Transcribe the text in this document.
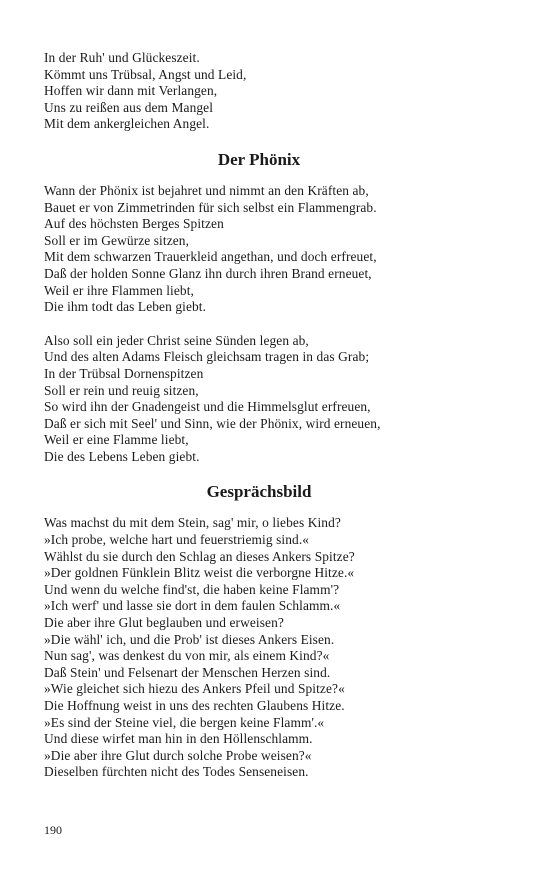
In der Ruh' und Glückeszeit.
Kömmt uns Trübsal, Angst und Leid,
Hoffen wir dann mit Verlangen,
Uns zu reißen aus dem Mangel
Mit dem ankergleichen Angel.
Der Phönix
Wann der Phönix ist bejahret und nimmt an den Kräften ab,
Bauet er von Zimmetrinden für sich selbst ein Flammengrab.
Auf des höchsten Berges Spitzen
Soll er im Gewürze sitzen,
Mit dem schwarzen Trauerkleid angethan, und doch erfreuet,
Daß der holden Sonne Glanz ihn durch ihren Brand erneuet,
Weil er ihre Flammen liebt,
Die ihm todt das Leben giebt.
Also soll ein jeder Christ seine Sünden legen ab,
Und des alten Adams Fleisch gleichsam tragen in das Grab;
In der Trübsal Dornenspitzen
Soll er rein und reuig sitzen,
So wird ihn der Gnadengeist und die Himmelsglut erfreuen,
Daß er sich mit Seel' und Sinn, wie der Phönix, wird erneuen,
Weil er eine Flamme liebt,
Die des Lebens Leben giebt.
Gesprächsbild
Was machst du mit dem Stein, sag' mir, o liebes Kind?
»Ich probe, welche hart und feuerstriemig sind.«
Wählst du sie durch den Schlag an dieses Ankers Spitze?
»Der goldnen Fünklein Blitz weist die verborgne Hitze.«
Und wenn du welche find'st, die haben keine Flamm'?
»Ich werf' und lasse sie dort in dem faulen Schlamm.«
Die aber ihre Glut beglauben und erweisen?
»Die wähl' ich, und die Prob' ist dieses Ankers Eisen.
Nun sag', was denkest du von mir, als einem Kind?«
Daß Stein' und Felsenart der Menschen Herzen sind.
»Wie gleichet sich hiezu des Ankers Pfeil und Spitze?«
Die Hoffnung weist in uns des rechten Glaubens Hitze.
»Es sind der Steine viel, die bergen keine Flamm'.«
Und diese wirfet man hin in den Höllenschlamm.
»Die aber ihre Glut durch solche Probe weisen?«
Dieselben fürchten nicht des Todes Senseneisen.
190
